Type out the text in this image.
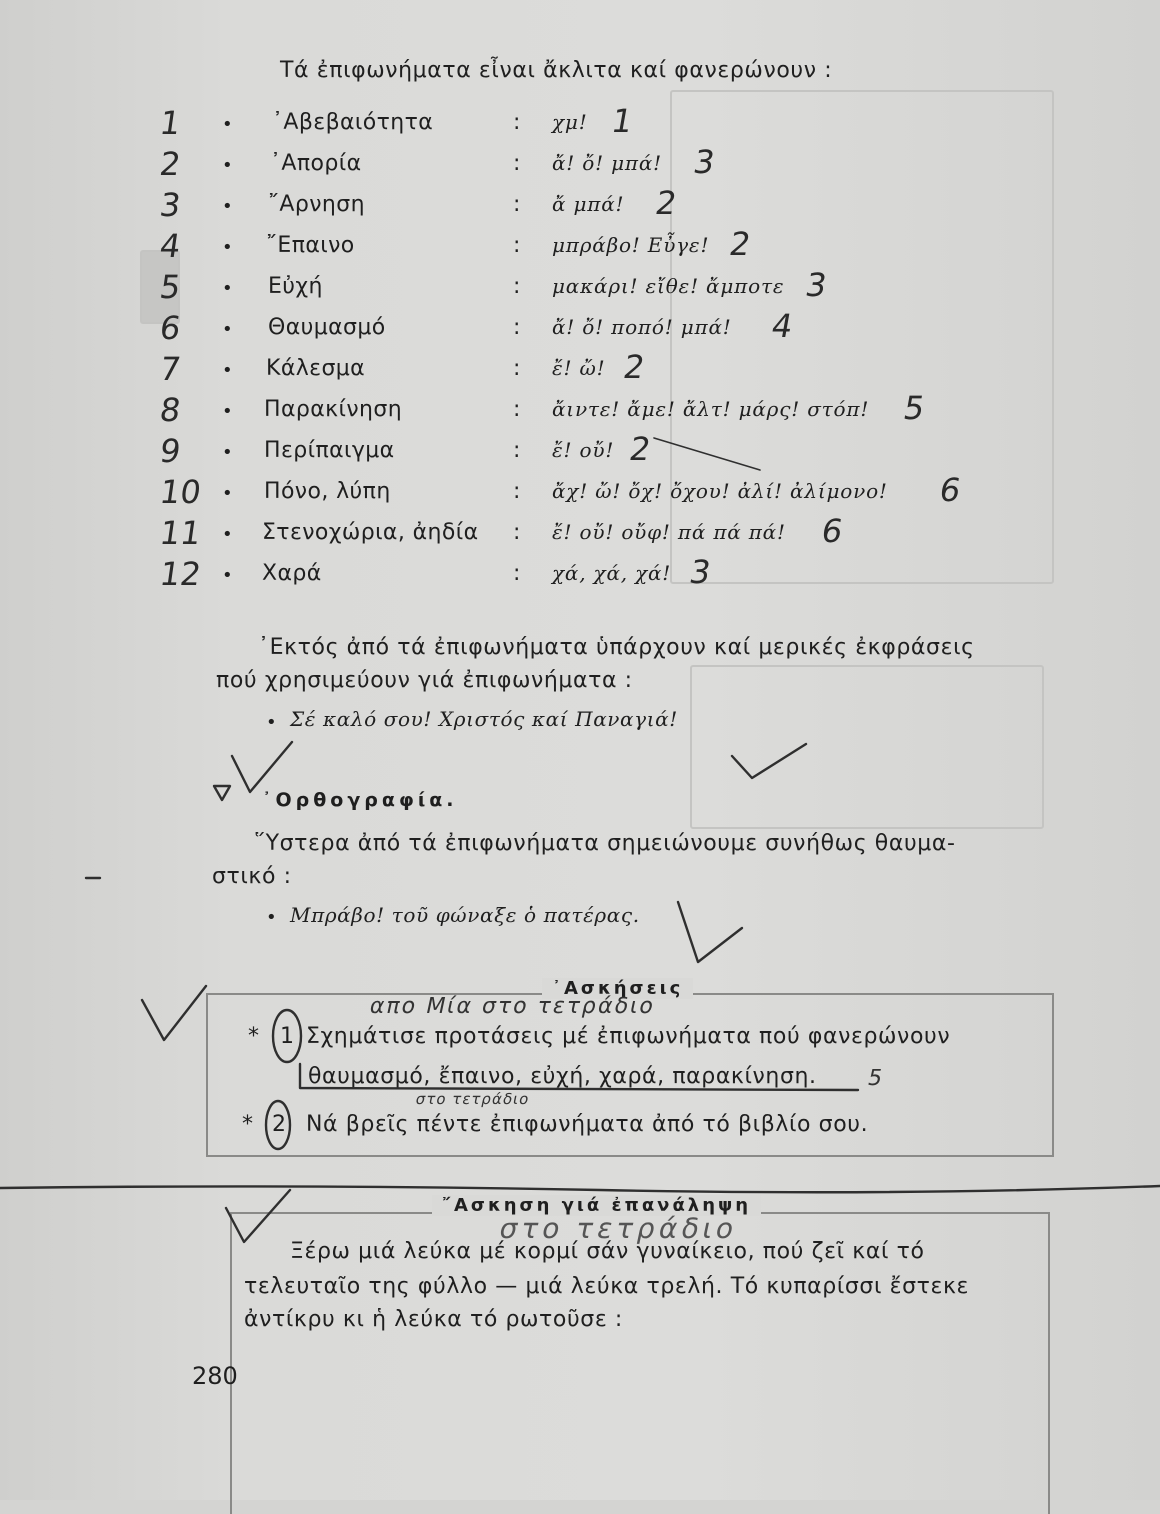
Τά ἐπιφωνήματα εἶναι ἄκλιτα καί φανερώνουν :
1	• ᾿Αβεβαιότητα	: χμ! 1
2	• ᾿Απορία	: ἄ! ὄ! μπά! 3
3	• ῎Αρνηση	: ἄ μπά! 2
4	• ῎Επαινο	: μπράβο! Εὖγε! 2
5	• Εὐχή	: μακάρι! εἴθε! ἄμποτε 3
6	• Θαυμασμό	: ἄ! ὄ! ποπό! μπά! 4
7	• Κάλεσμα	: ἔ! ὤ! 2
8	• Παρακίνηση	: ἄιντε! ἄμε! ἄλτ! μάρς! στόπ! 5
9	• Περίπαιγμα	: ἔ! οὔ! 2
10	• Πόνο, λύπη	: ἄχ! ὤ! ὄχ! ὄχου! ἀλί! ἀλίμονο! 6
11	• Στενοχώρια, ἀηδία : ἔ! οὔ! οὔφ! πά πά πά! 6
12	• Χαρά	: χά, χά, χά! 3
᾿Εκτός ἀπό τά ἐπιφωνήματα ὑπάρχουν καί μερικές ἐκφράσεις
πού χρησιμεύουν γιά ἐπιφωνήματα :
• Σέ καλό σου! Χριστός καί Παναγιά!
᾿Ορθογραφία.
῞Υστερα ἀπό τά ἐπιφωνήματα σημειώνουμε συνήθως θαυμα-
στικό :
• Μπράβο! τοῦ φώναξε ὁ πατέρας.
᾿Ασκήσεις
απο Μία στο τετράδιο
* 1 Σχημάτισε προτάσεις μέ ἐπιφωνήματα πού φανερώνουν
θαυμασμό, ἔπαινο, εὐχή, χαρά, παρακίνηση. 5
στο τετράδιο
* 2 Νά βρεῖς πέντε ἐπιφωνήματα ἀπό τό βιβλίο σου.
῎Ασκηση γιά ἐπανάληψη
στο τετράδιο
Ξέρω μιά λεύκα μέ κορμί σάν γυναίκειο, πού ζεῖ καί τό
τελευταῖο της φύλλο — μιά λεύκα τρελή. Τό κυπαρίσσι ἔστεκε
ἀντίκρυ κι ἡ λεύκα τό ρωτοῦσε :
280
